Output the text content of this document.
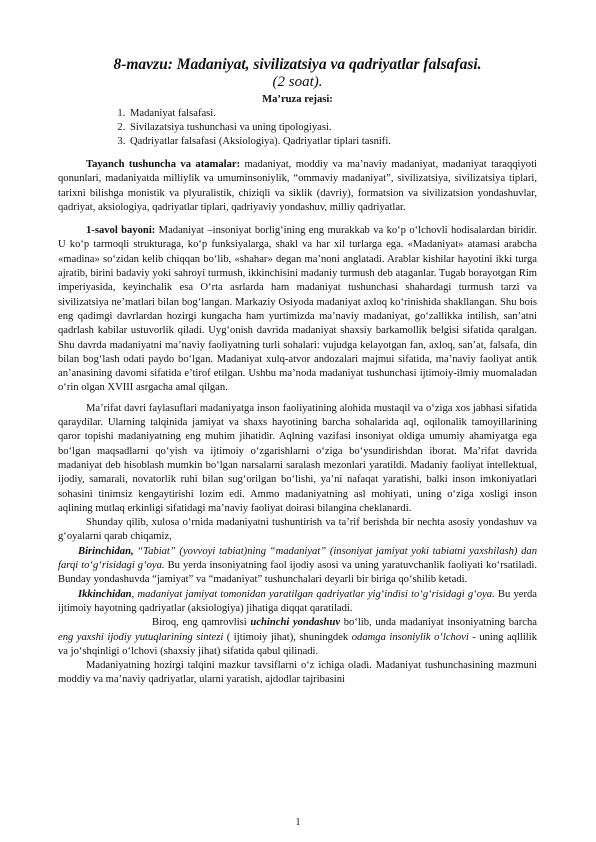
8-mavzu: Madaniyat, sivilizatsiya va qadriyatlar falsafasi.
(2 soat).
Ma’ruza rejasi:
1. Madaniyat falsafasi.
2. Sivilazatsiya tushunchasi va uning tipologiyasi.
3. Qadriyatlar falsafasi (Aksiologiya). Qadriyatlar tiplari tasnifi.

Tayanch tushuncha va atamalar: madaniyat, moddiy va ma’naviy madaniyat, madaniyat taraqqiyoti qonunlari, madaniyatda milliylik va umuminsoniylik, “ommaviy madaniyat”, sivilizatsiya, sivilizatsiya tiplari, tarixni bilishga monistik va plyuralistik, chiziqli va siklik (davriy), formatsion va sivilizatsion yondashuvlar, qadriyat, aksiologiya, qadriyatlar tiplari, qadriyaviy yondashuv, milliy qadriyatlar.

1-savol bayoni: Madaniyat –insoniyat borlig‘ining eng murakkab va ko‘p o‘lchovli hodisalardan biridir. U ko‘p tarmoqli strukturaga, ko‘p funksiyalarga, shakl va har xil turlarga ega. «Madaniyat» atamasi arabcha «madina» so‘zidan kelib chiqqan bo‘lib, «shahar» degan ma’noni anglatadi. Arablar kishilar hayotini ikki turga ajratib, birini badaviy yoki sahroyi turmush, ikkinchisini madaniy turmush deb ataganlar. Tugab borayotgan Rim imperiyasida, keyinchalik esa O‘rta asrlarda ham madaniyat tushunchasi shahardagi turmush tarzi va sivilizatsiya ne’matlari bilan bog‘langan. Markaziy Osiyoda madaniyat axloq ko‘rinishida shakllangan. Shu bois eng qadimgi davrlardan hozirgi kungacha ham yurtimizda ma’naviy madaniyat, go‘zallikka intilish, san’atni qadrlash kabilar ustuvorlik qiladi. Uyg‘onish davrida madaniyat shaxsiy barkamollik belgisi sifatida qaralgan. Shu davrda madaniyatni ma’naviy faoliyatning turli sohalari: vujudga kelayotgan fan, axloq, san’at, falsafa, din bilan bog‘lash odati paydo bo‘lgan. Madaniyat xulq-atvor andozalari majmui sifatida, ma’naviy faoliyat antik an’anasining davomi sifatida e’tirof etilgan. Ushbu ma’noda madaniyat tushunchasi ijtimoiy-ilmiy muomaladan o‘rin olgan XVIII asrgacha amal qilgan.

Ma’rifat davri faylasuflari madaniyatga inson faoliyatining alohida mustaqil va o‘ziga xos jabhasi sifatida qaraydilar. Ularning talqinida jamiyat va shaxs hayotining barcha sohalarida aql, oqilonalik tamoyillarining qaror topishi madaniyatning eng muhim jihatidir. Aqlning vazifasi insoniyat oldiga umumiy ahamiyatga ega bo‘lgan maqsadlarni qo‘yish va ijtimoiy o‘zgarishlarni o‘ziga bo‘ysundirishdan iborat. Ma’rifat davrida madaniyat deb hisoblash mumkin bo‘lgan narsalarni saralash mezonlari yaratildi. Madaniy faoliyat intellektual, ijodiy, samarali, novatorlik ruhi bilan sug‘orilgan bo‘lishi, ya’ni nafaqat yaratishi, balki inson imkoniyatlari sohasini tinimsiz kengaytirishi lozim edi. Ammo madaniyatning asl mohiyati, uning o‘ziga xosligi inson aqlining mutlaq erkinligi sifatidagi ma’naviy faoliyat doirasi bilangina cheklanardi.

Shunday qilib, xulosa o‘rnida madaniyatni tushuntirish va ta’rif berishda bir nechta asosiy yondashuv va g‘oyalarni qarab chiqamiz,

Birinchidan, “Tabiat” (yovvoyi tabiat)ning “madaniyat” (insoniyat jamiyat yoki tabiatni yaxshilash) dan farqi to‘g‘risidagi g‘oya. Bu yerda insoniyatning faol ijodiy asosi va uning yaratuvchanlik faoliyati ko‘rsatiladi. Bunday yondashuvda “jamiyat” va “madaniyat” tushunchalari deyarli bir biriga qo‘shilib ketadi.

Ikkinchidan, madaniyat jamiyat tomonidan yaratilgan qadriyatlar yig‘indisi to‘g‘risidagi g‘oya. Bu yerda ijtimoiy hayotning qadriyatlar (aksiologiya) jihatiga diqqat qaratiladi.

Biroq, eng qamrovlisi uchinchi yondashuv bo‘lib, unda madaniyat insoniyatning barcha eng yaxshi ijodiy yutuqlarining sintezi ( ijtimoiy jihat), shuningdek odamga insoniylik o‘lchovi - uning aqllilik va jo‘shqinligi o‘lchovi (shaxsiy jihat) sifatida qabul qilinadi.

Madaniyatning hozirgi talqini mazkur tavsiflarni o‘z ichiga oladi. Madaniyat tushunchasining mazmuni moddiy va ma’naviy qadriyatlar, ularni yaratish, ajdodlar tajribasini

1
